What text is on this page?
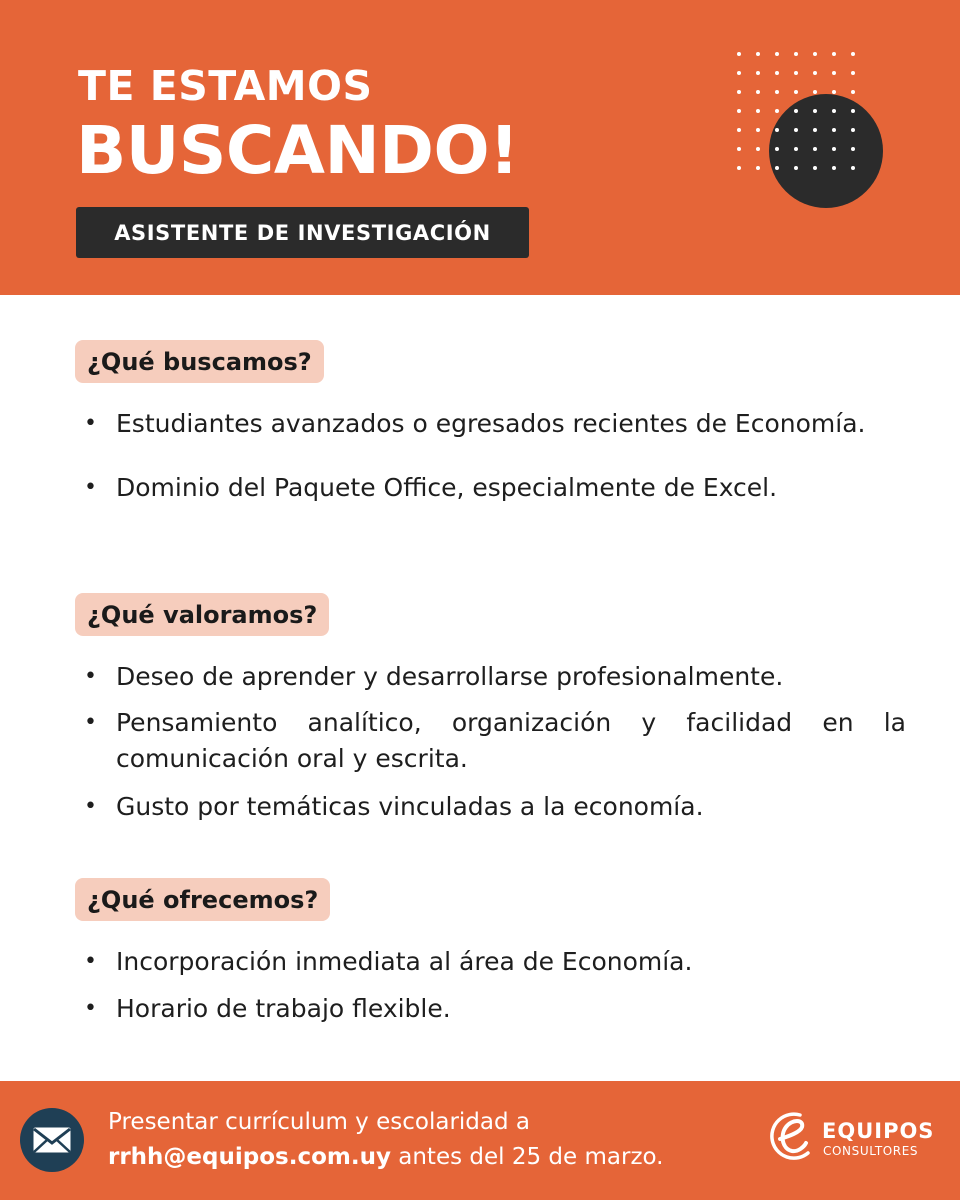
TE ESTAMOS
BUSCANDO!
ASISTENTE DE INVESTIGACIÓN
¿Qué buscamos?
• Estudiantes avanzados o egresados recientes de Economía.
• Dominio del Paquete Office, especialmente de Excel.
¿Qué valoramos?
• Deseo de aprender y desarrollarse profesionalmente.
• Pensamiento analítico, organización y facilidad en la comunicación oral y escrita.
• Gusto por temáticas vinculadas a la economía.
¿Qué ofrecemos?
• Incorporación inmediata al área de Economía.
• Horario de trabajo flexible.
Presentar currículum y escolaridad a
rrhh@equipos.com.uy antes del 25 de marzo.
EQUIPOS
CONSULTORES
